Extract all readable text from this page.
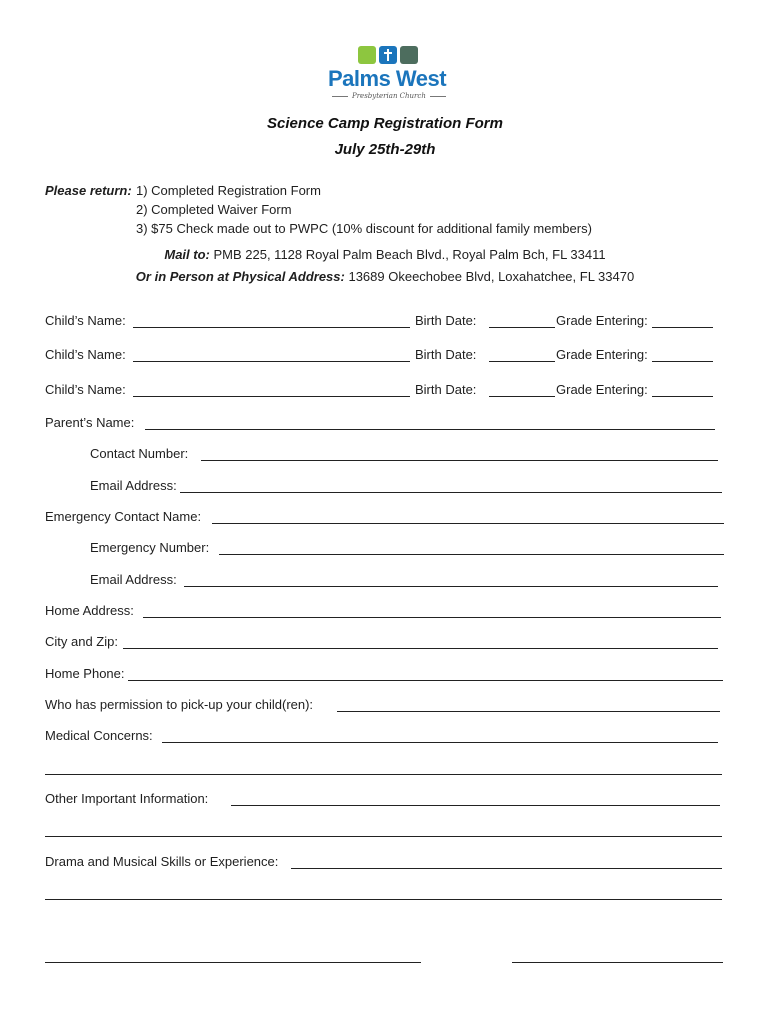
Palms West
Presbyterian Church
Science Camp Registration Form
July 25th-29th
Please return: 1) Completed Registration Form
2) Completed Waiver Form
3) $75 Check made out to PWPC (10% discount for additional family members)
Mail to: PMB 225, 1128 Royal Palm Beach Blvd., Royal Palm Bch, FL 33411
Or in Person at Physical Address: 13689 Okeechobee Blvd, Loxahatchee, FL 33470
Child’s Name:	Birth Date:	Grade Entering:
Child’s Name:	Birth Date:	Grade Entering:
Child’s Name:	Birth Date:	Grade Entering:
Parent’s Name:
Contact Number:
Email Address:
Emergency Contact Name:
Emergency Number:
Email Address:
Home Address:
City and Zip:
Home Phone:
Who has permission to pick-up your child(ren):
Medical Concerns:
Other Important Information:
Drama and Musical Skills or Experience:
